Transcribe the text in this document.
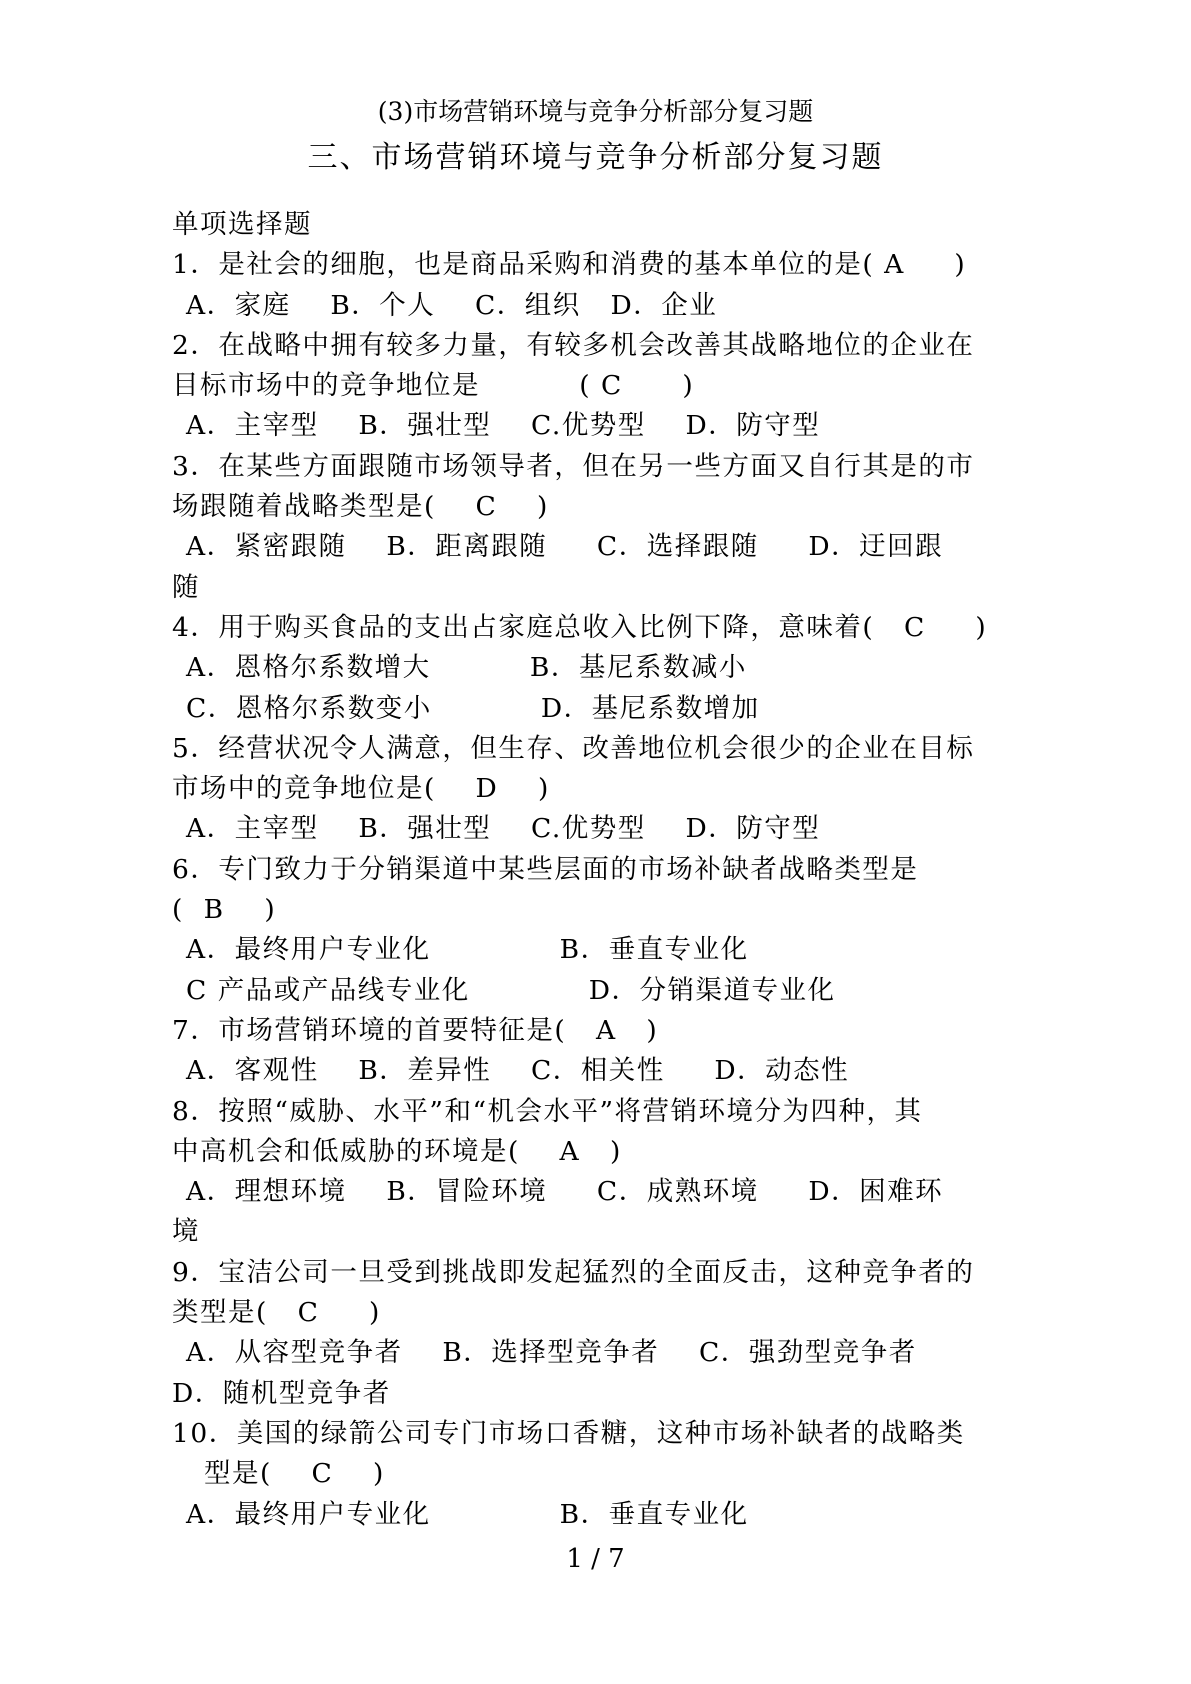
(3)市场营销环境与竞争分析部分复习题
三、市场营销环境与竞争分析部分复习题
单项选择题
1．是社会的细胞，也是商品采购和消费的基本单位的是( A     )
A．家庭    B．个人    C．组织   D．企业
2．在战略中拥有较多力量，有较多机会改善其战略地位的企业在
目标市场中的竞争地位是          ( C      )
A．主宰型    B．强壮型    C.优势型    D．防守型
3．在某些方面跟随市场领导者，但在另一些方面又自行其是的市
场跟随着战略类型是(    C    )
A．紧密跟随    B．距离跟随     C．选择跟随     D．迂回跟
随
4．用于购买食品的支出占家庭总收入比例下降，意味着(   C     )
A．恩格尔系数增大          B．基尼系数减小
C．恩格尔系数变小           D．基尼系数增加
5．经营状况令人满意，但生存、改善地位机会很少的企业在目标
市场中的竞争地位是(    D    )
A．主宰型    B．强壮型    C.优势型    D．防守型
6．专门致力于分销渠道中某些层面的市场补缺者战略类型是
(  B    )
A．最终用户专业化             B．垂直专业化
C 产品或产品线专业化            D．分销渠道专业化
7．市场营销环境的首要特征是(   A   )
A．客观性    B．差异性    C．相关性     D．动态性
8．按照“威胁、水平”和“机会水平”将营销环境分为四种，其
中高机会和低威胁的环境是(    A   )
A．理想环境    B．冒险环境     C．成熟环境     D．困难环
境
9．宝洁公司一旦受到挑战即发起猛烈的全面反击，这种竞争者的
类型是(   C     )
A．从容型竞争者    B．选择型竞争者    C．强劲型竞争者
D．随机型竞争者
10．美国的绿箭公司专门市场口香糖，这种市场补缺者的战略类
型是(    C    )
A．最终用户专业化             B．垂直专业化
1 / 7
